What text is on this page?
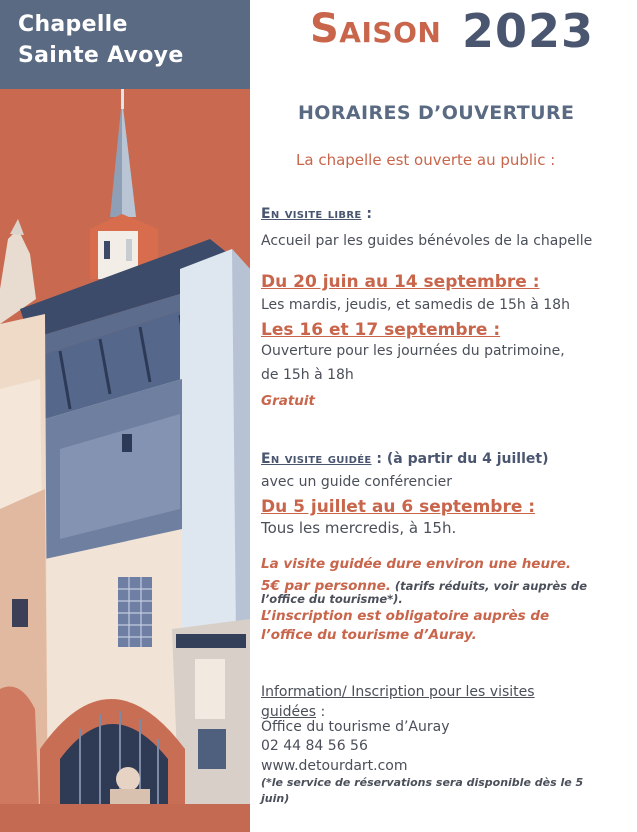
Chapelle
Sainte Avoye
Saison 2023
HORAIRES D’OUVERTURE
La chapelle est ouverte au public :
En visite libre :
Accueil par les guides bénévoles de la chapelle
Du 20 juin au 14 septembre :
Les mardis, jeudis, et samedis de 15h à 18h
Les 16 et 17 septembre :
Ouverture pour les journées du patrimoine,
de 15h à 18h
Gratuit
En visite guidée : (à partir du 4 juillet)
avec un guide conférencier
Du 5 juillet au 6 septembre :
Tous les mercredis, à 15h.
La visite guidée dure environ une heure.
5€ par personne. (tarifs réduits, voir auprès de
l’office du tourisme*).
L’inscription est obligatoire auprès de
l’office du tourisme d’Auray.
Information/ Inscription pour les visites
guidées :
Office du tourisme d’Auray
02 44 84 56 56
www.detourdart.com
(*le service de réservations sera disponible dès le 5
juin)
